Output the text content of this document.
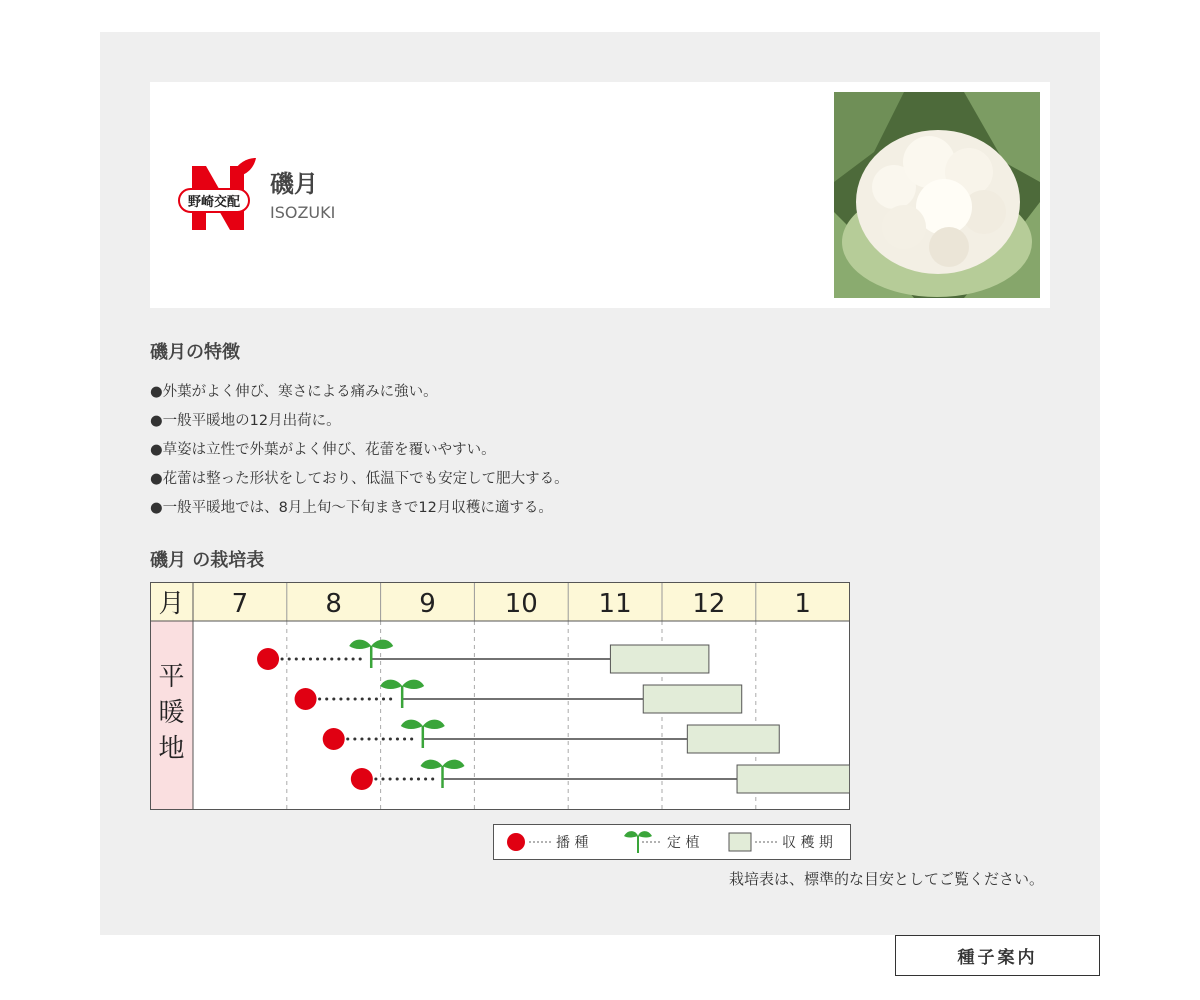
野崎交配
磯月
ISOZUKI
磯月の特徴
●外葉がよく伸び、寒さによる痛みに強い。
●一般平暖地の12月出荷に。
●草姿は立性で外葉がよく伸び、花蕾を覆いやすい。
●花蕾は整った形状をしており、低温下でも安定して肥大する。
●一般平暖地では、8月上旬〜下旬まきで12月収穫に適する。
磯月 の栽培表
月 7	8	9	10 11 12	1
平
暖
地
播 種	定 植	収 穫 期
栽培表は、標準的な目安としてご覧ください。
種子案内
